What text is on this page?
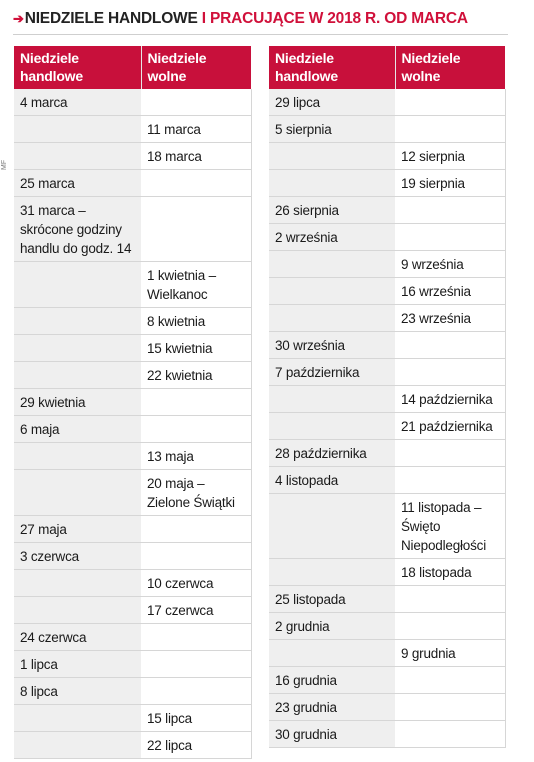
➔NIEDZIELE HANDLOWE I PRACUJĄCE W 2018 R. OD MARCA
MF
Niedziele handlowe	Niedziele wolne
4 marca	
	11 marca
	18 marca
25 marca	
31 marca – skrócone godziny handlu do godz. 14	
	1 kwietnia – Wielkanoc
	8 kwietnia
	15 kwietnia
	22 kwietnia
29 kwietnia	
6 maja	
	13 maja
	20 maja – Zielone Świątki
27 maja	
3 czerwca	
	10 czerwca
	17 czerwca
24 czerwca	
1 lipca	
8 lipca	
	15 lipca
	22 lipca
Niedziele handlowe	Niedziele wolne
29 lipca	
5 sierpnia	
	12 sierpnia
	19 sierpnia
26 sierpnia	
2 września	
	9 września
	16 września
	23 września
30 września	
7 października	
	14 października
	21 października
28 października	
4 listopada	
	11 listopada – Święto Niepodległości
	18 listopada
25 listopada	
2 grudnia	
	9 grudnia
16 grudnia	
23 grudnia	
30 grudnia	
